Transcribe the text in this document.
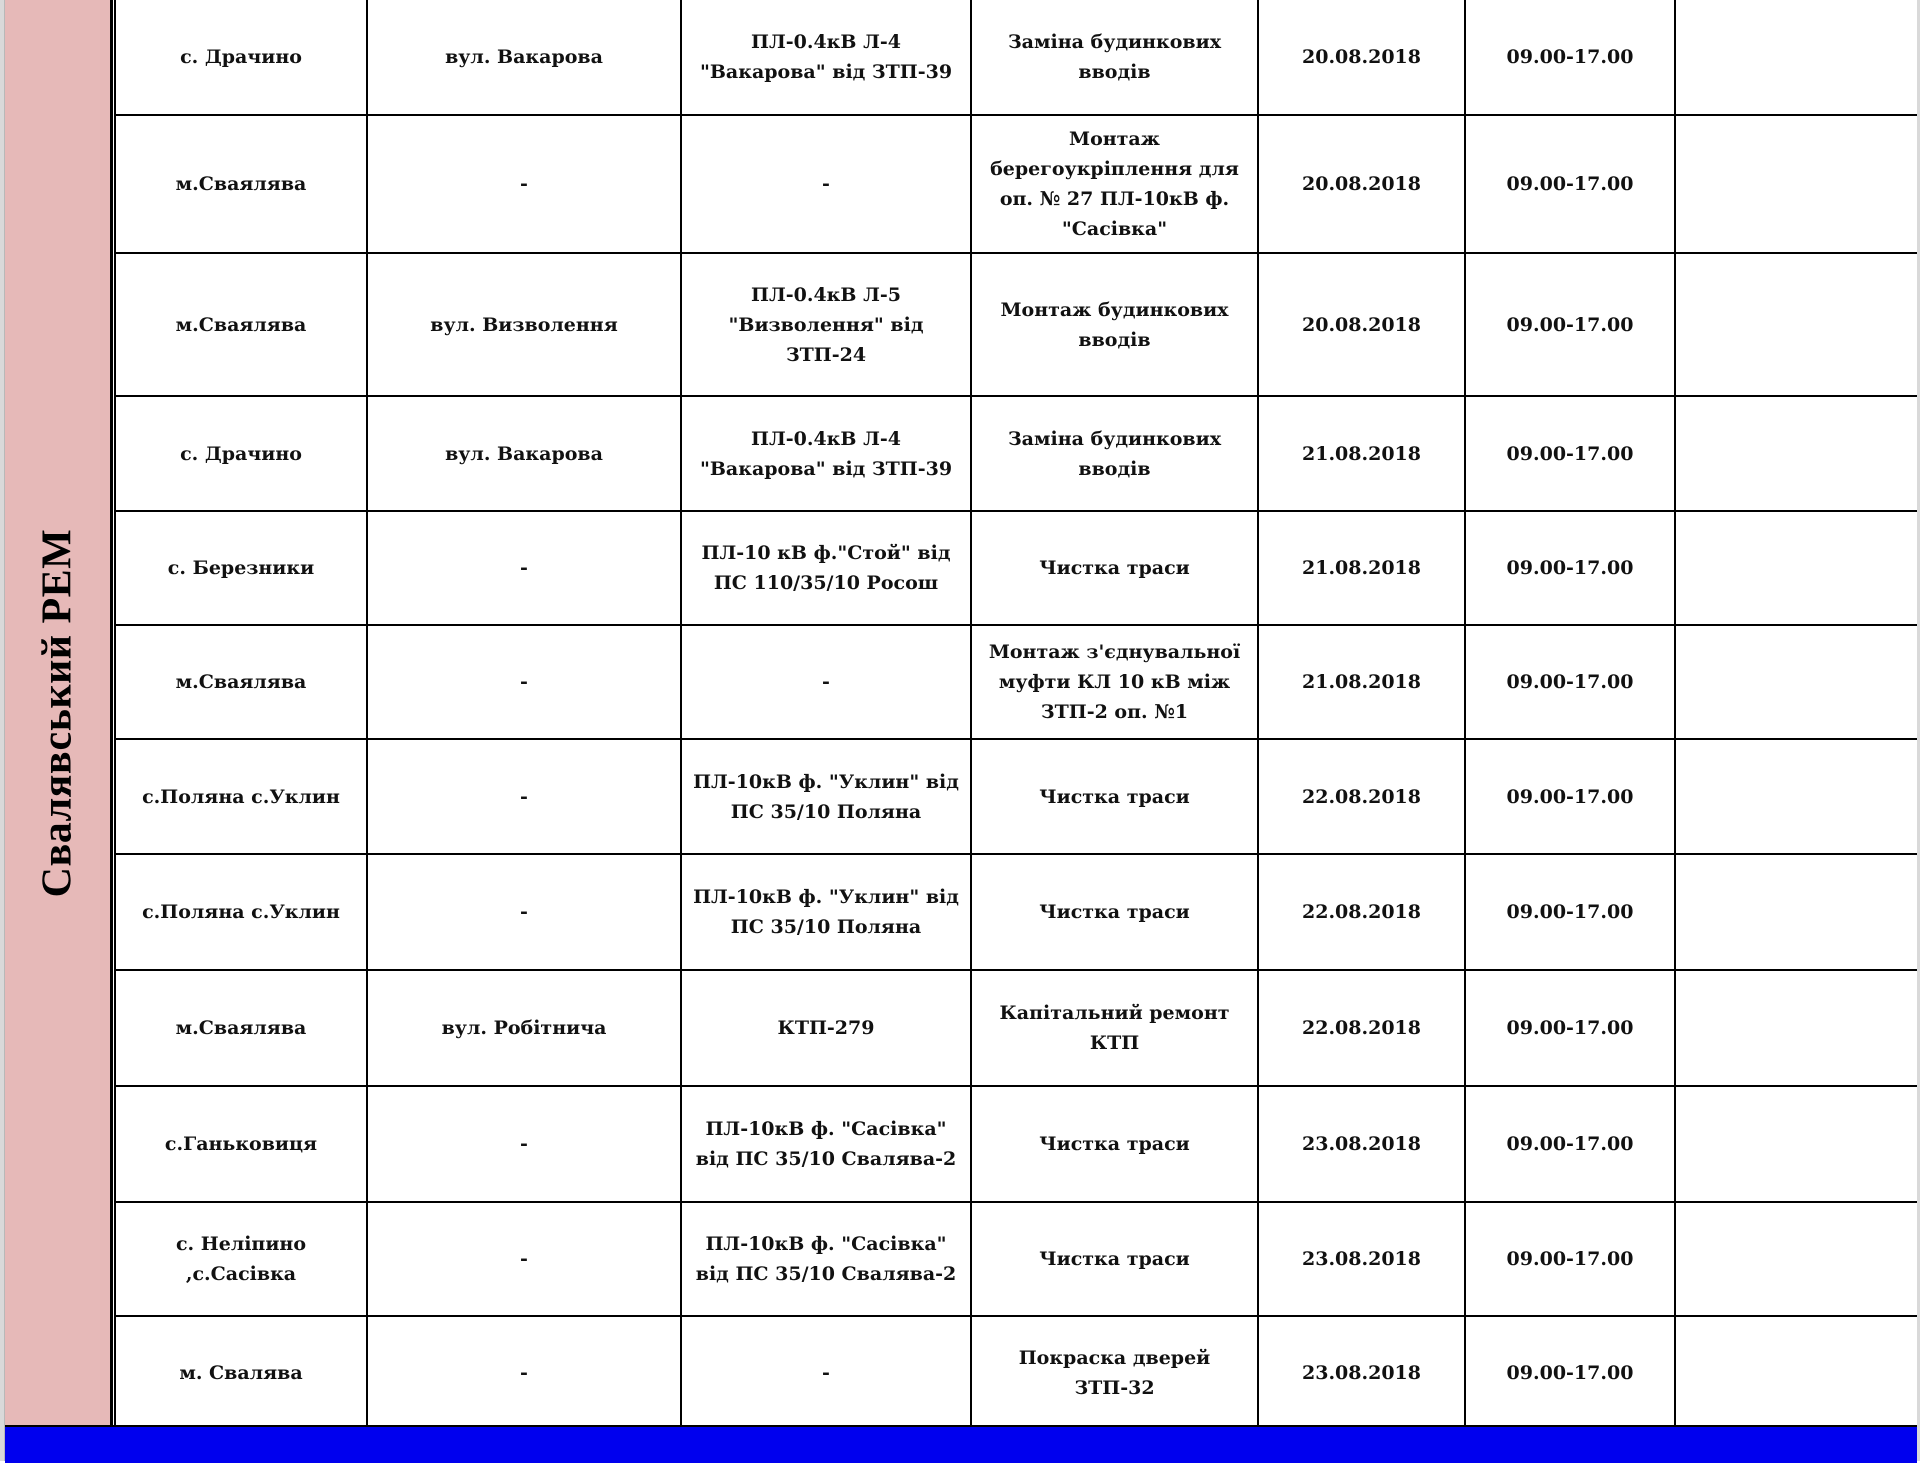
Свалявський РЕМ
с. Драчино	вул. Вакарова	ПЛ-0.4кВ Л-4 "Вакарова" від ЗТП-39	Заміна будинкових вводів	20.08.2018	09.00-17.00	
м.Сваялява	-	-	Монтаж берегоукріплення для оп. № 27 ПЛ-10кВ ф. "Сасівка"	20.08.2018	09.00-17.00	
м.Сваялява	вул. Визволення	ПЛ-0.4кВ Л-5 "Визволення" від ЗТП-24	Монтаж будинкових вводів	20.08.2018	09.00-17.00	
с. Драчино	вул. Вакарова	ПЛ-0.4кВ Л-4 "Вакарова" від ЗТП-39	Заміна будинкових вводів	21.08.2018	09.00-17.00	
с. Березники	-	ПЛ-10 кВ ф."Стой" від ПС 110/35/10 Росош	Чистка траси	21.08.2018	09.00-17.00	
м.Сваялява	-	-	Монтаж з'єднувальної муфти КЛ 10 кВ між ЗТП-2 оп. №1	21.08.2018	09.00-17.00	
с.Поляна с.Уклин	-	ПЛ-10кВ ф. "Уклин" від ПС 35/10 Поляна	Чистка траси	22.08.2018	09.00-17.00	
с.Поляна с.Уклин	-	ПЛ-10кВ ф. "Уклин" від ПС 35/10 Поляна	Чистка траси	22.08.2018	09.00-17.00	
м.Сваялява	вул. Робітнича	КТП-279	Капітальний ремонт КТП	22.08.2018	09.00-17.00	
с.Ганьковиця	-	ПЛ-10кВ ф. "Сасівка" від ПС 35/10 Свалява-2	Чистка траси	23.08.2018	09.00-17.00	
с. Неліпино ,с.Сасівка	-	ПЛ-10кВ ф. "Сасівка" від ПС 35/10 Свалява-2	Чистка траси	23.08.2018	09.00-17.00	
м. Свалява	-	-	Покраска дверей ЗТП-32	23.08.2018	09.00-17.00	
